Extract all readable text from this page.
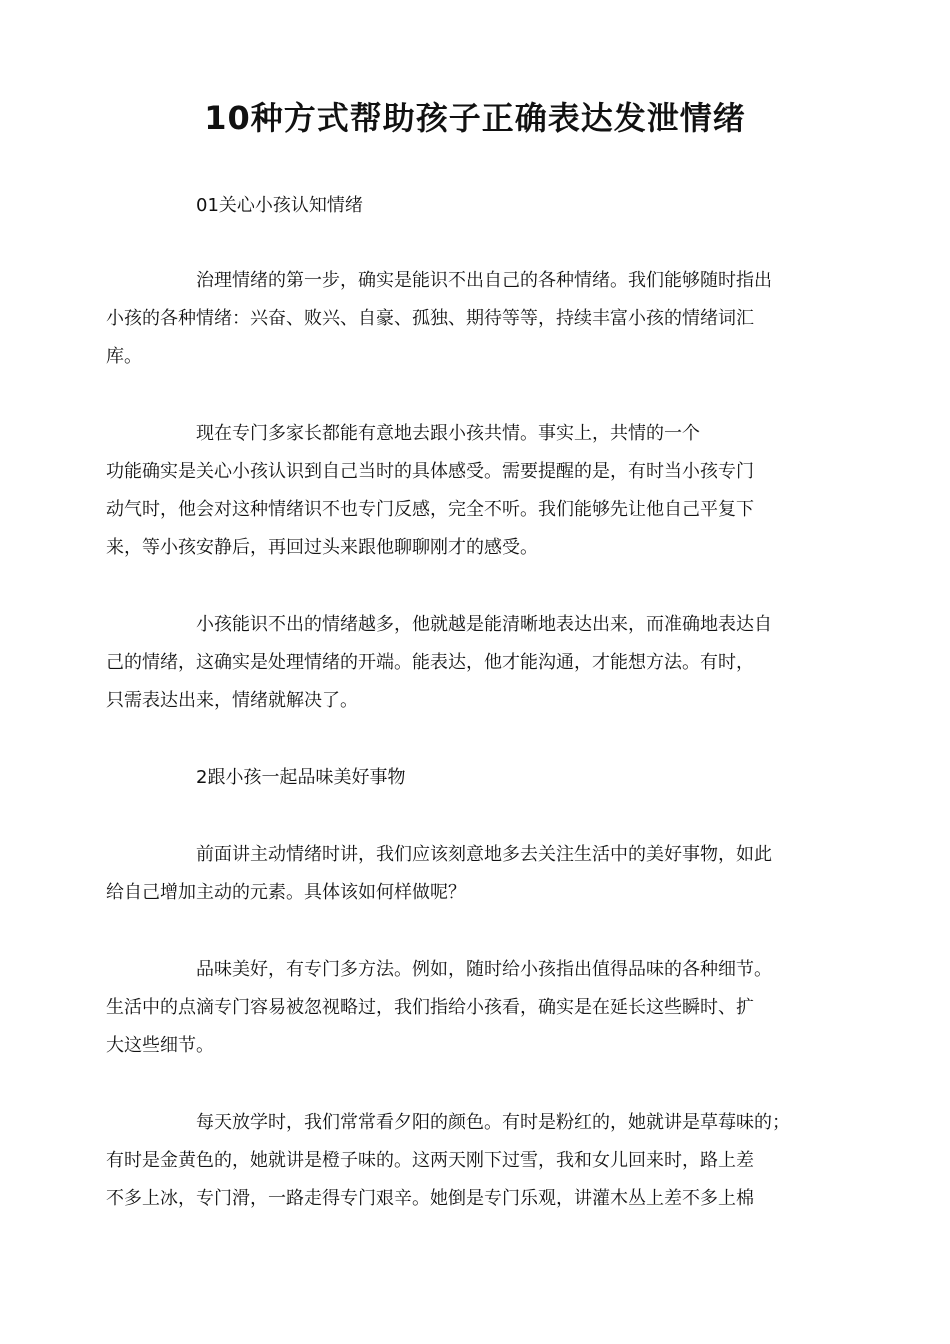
10种方式帮助孩子正确表达发泄情绪
01关心小孩认知情绪
治理情绪的第一步，确实是能识不出自己的各种情绪。我们能够随时指出
小孩的各种情绪：兴奋、败兴、自豪、孤独、期待等等，持续丰富小孩的情绪词汇
库。
现在专门多家长都能有意地去跟小孩共情。事实上，共情的一个
功能确实是关心小孩认识到自己当时的具体感受。需要提醒的是，有时当小孩专门
动气时，他会对这种情绪识不也专门反感，完全不听。我们能够先让他自己平复下
来，等小孩安静后，再回过头来跟他聊聊刚才的感受。
小孩能识不出的情绪越多，他就越是能清晰地表达出来，而准确地表达自
己的情绪，这确实是处理情绪的开端。能表达，他才能沟通，才能想方法。有时，
只需表达出来，情绪就解决了。
2跟小孩一起品味美好事物
前面讲主动情绪时讲，我们应该刻意地多去关注生活中的美好事物，如此
给自己增加主动的元素。具体该如何样做呢？
品味美好，有专门多方法。例如，随时给小孩指出值得品味的各种细节。
生活中的点滴专门容易被忽视略过，我们指给小孩看，确实是在延长这些瞬时、扩
大这些细节。
每天放学时，我们常常看夕阳的颜色。有时是粉红的，她就讲是草莓味的；
有时是金黄色的，她就讲是橙子味的。这两天刚下过雪，我和女儿回来时，路上差
不多上冰，专门滑，一路走得专门艰辛。她倒是专门乐观，讲灌木丛上差不多上棉
